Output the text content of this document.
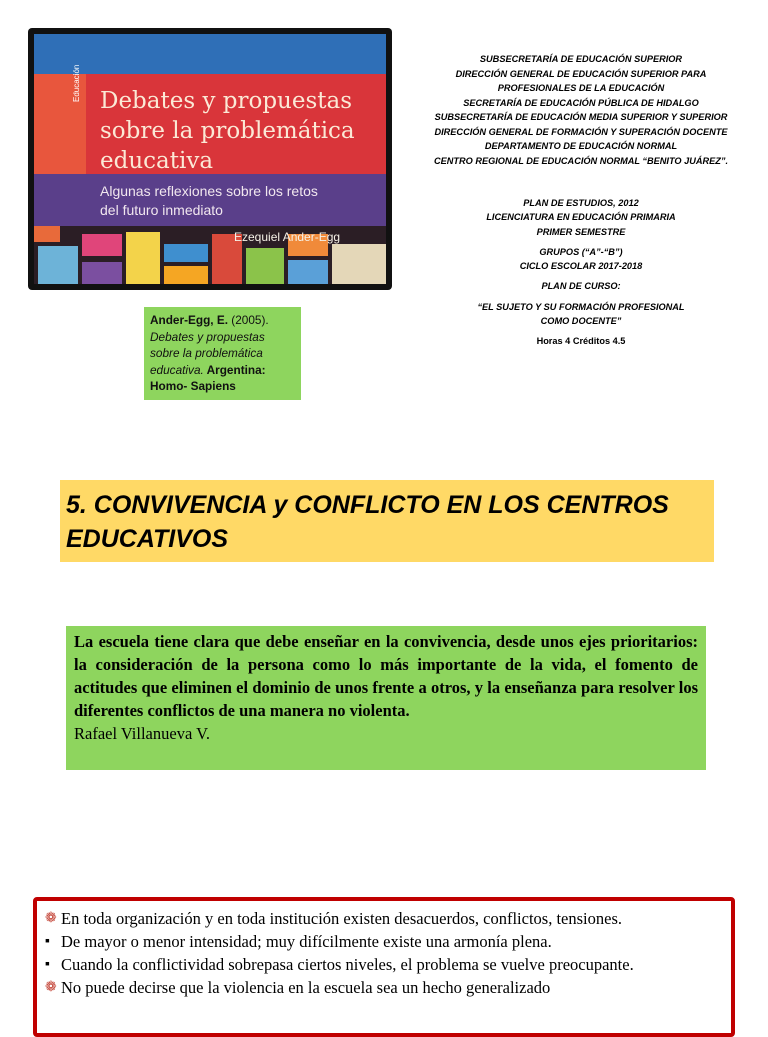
Educación Debates y propuestas
sobre la problemática
educativa
Algunas reflexiones sobre los retos
del futuro inmediato
Ezequiel Ander-Egg
SUBSECRETARÍA DE EDUCACIÓN SUPERIOR
DIRECCIÓN GENERAL DE EDUCACIÓN SUPERIOR PARA
PROFESIONALES DE LA EDUCACIÓN
SECRETARÍA DE EDUCACIÓN PÚBLICA DE HIDALGO
SUBSECRETARÍA DE EDUCACIÓN MEDIA SUPERIOR Y SUPERIOR
DIRECCIÓN GENERAL DE FORMACIÓN Y SUPERACIÓN DOCENTE
DEPARTAMENTO DE EDUCACIÓN NORMAL
CENTRO REGIONAL DE EDUCACIÓN NORMAL “BENITO JUÁREZ”.
PLAN DE ESTUDIOS, 2012
LICENCIATURA EN EDUCACIÓN PRIMARIA
PRIMER SEMESTRE
GRUPOS (“A”-“B”)
CICLO ESCOLAR 2017-2018
PLAN DE CURSO:
“EL SUJETO Y SU FORMACIÓN PROFESIONAL
COMO DOCENTE”
Horas 4 Créditos 4.5
Ander-Egg, E. (2005). Debates y propuestas sobre la problemática educativa. Argentina: Homo- Sapiens
5. CONVIVENCIA y CONFLICTO EN LOS CENTROS EDUCATIVOS
La escuela tiene clara que debe enseñar en la convivencia, desde unos ejes prioritarios: la consideración de la persona como lo más importante de la vida, el fomento de actitudes que eliminen el dominio de unos frente a otros, y la enseñanza para resolver los diferentes conflictos de una manera no violenta.
Rafael Villanueva V.
❁ En toda organización y en toda institución existen desacuerdos, conflictos, tensiones.
▪ De mayor o menor intensidad; muy difícilmente existe una armonía plena.
▪ Cuando la conflictividad sobrepasa ciertos niveles, el problema se vuelve preocupante.
❁ No puede decirse que la violencia en la escuela sea un hecho generalizado
